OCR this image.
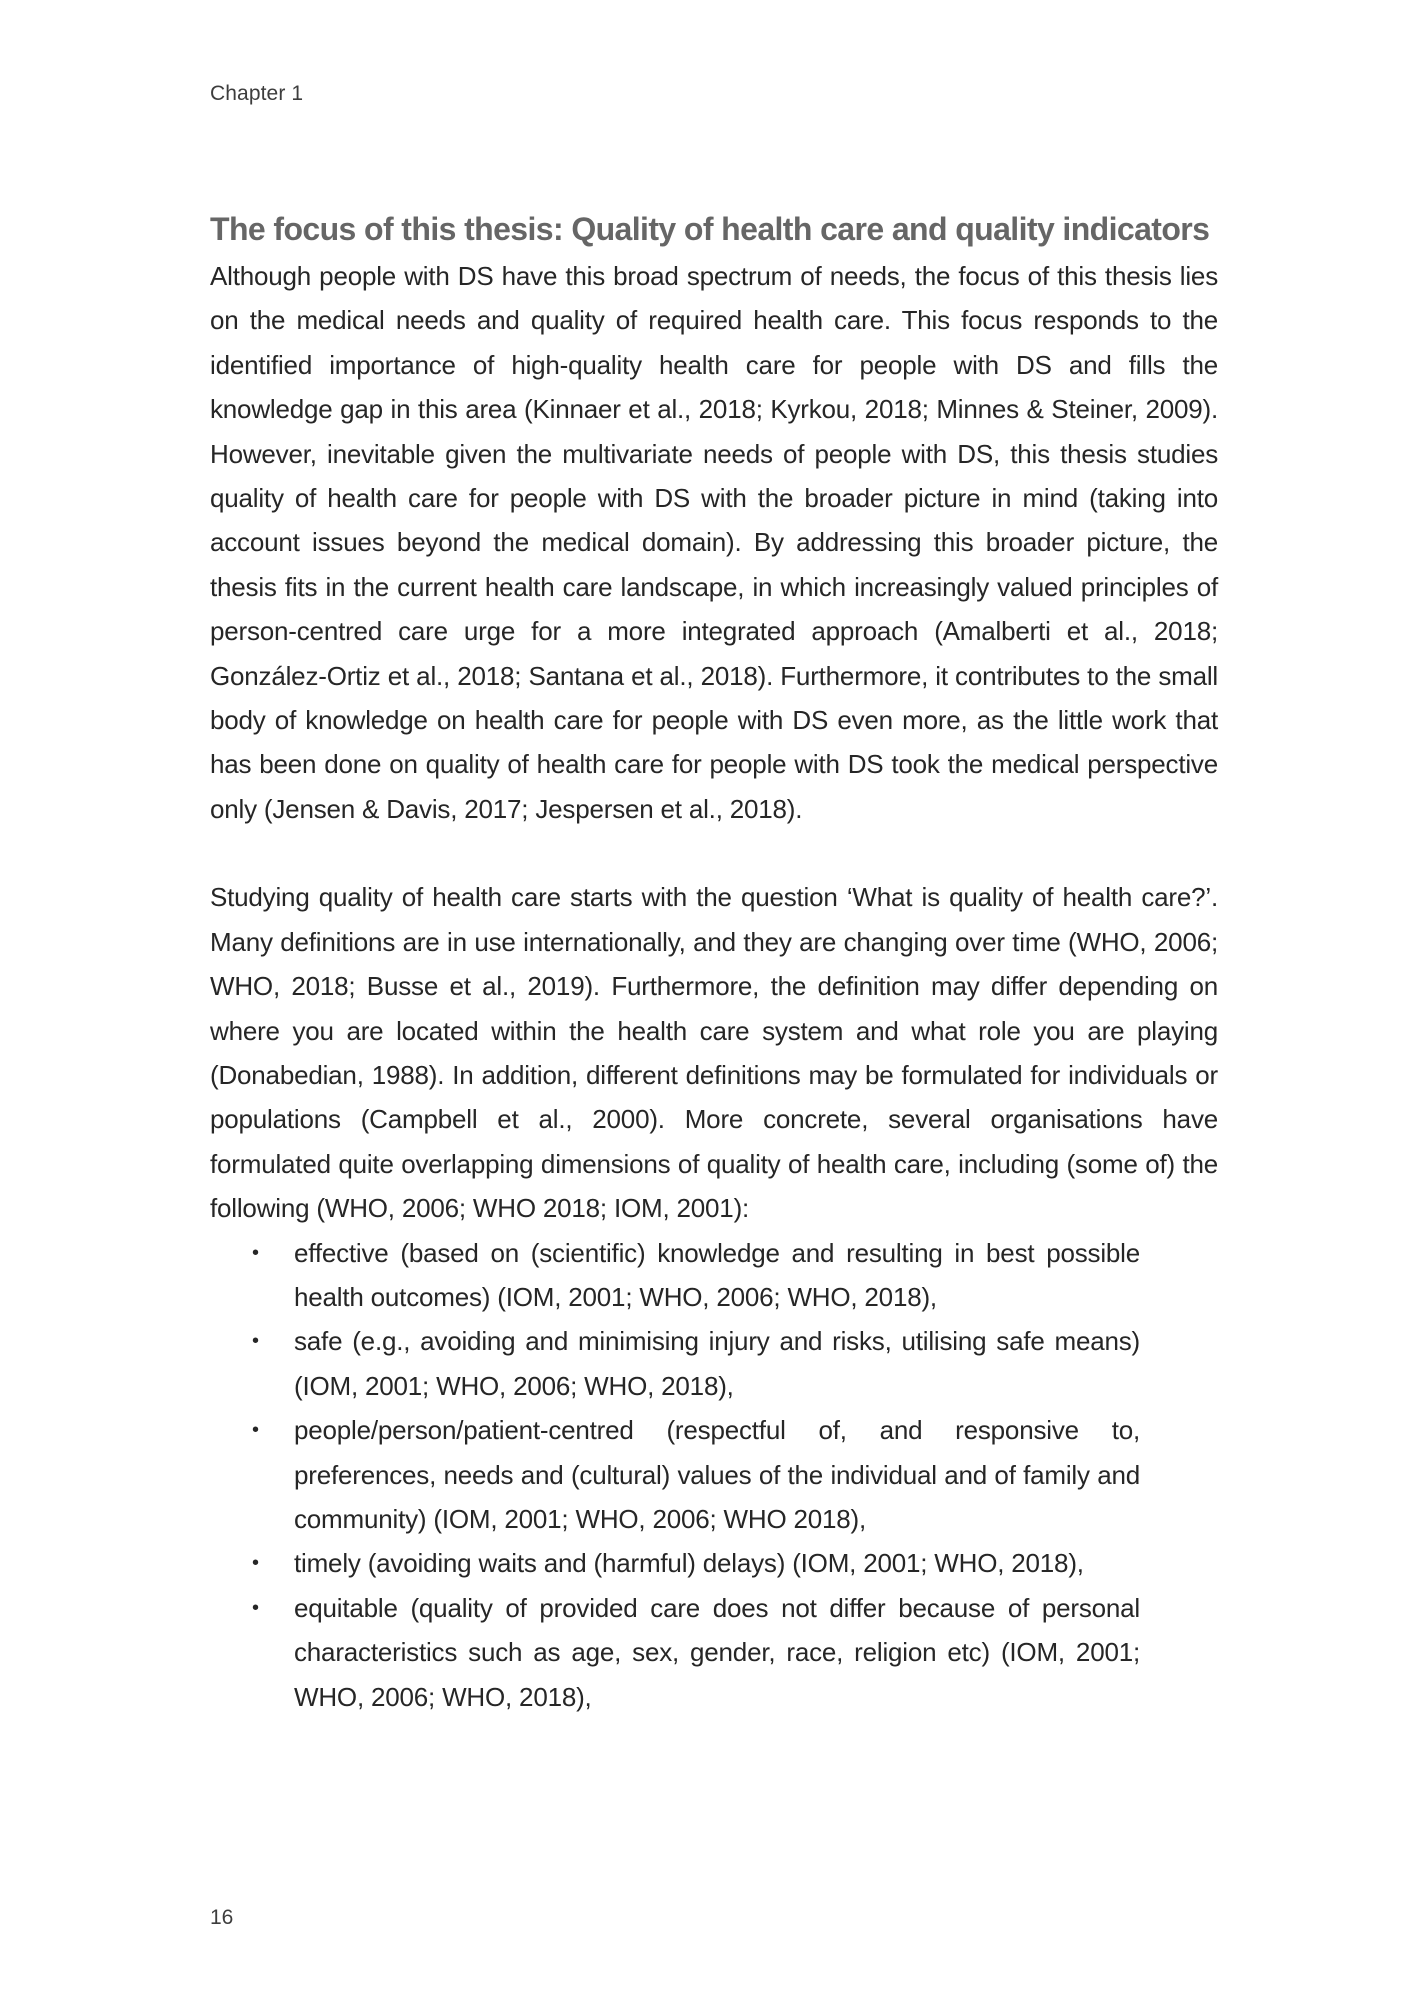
Chapter 1
The focus of this thesis: Quality of health care and quality indicators

Although people with DS have this broad spectrum of needs, the focus of this thesis lies on the medical needs and quality of required health care. This focus responds to the identified importance of high-quality health care for people with DS and fills the knowledge gap in this area (Kinnaer et al., 2018; Kyrkou, 2018; Minnes & Steiner, 2009). However, inevitable given the multivariate needs of people with DS, this thesis studies quality of health care for people with DS with the broader picture in mind (taking into account issues beyond the medical domain). By addressing this broader picture, the thesis fits in the current health care landscape, in which increasingly valued principles of person-centred care urge for a more integrated approach (Amalberti et al., 2018; González-Ortiz et al., 2018; Santana et al., 2018). Furthermore, it contributes to the small body of knowledge on health care for people with DS even more, as the little work that has been done on quality of health care for people with DS took the medical perspective only (Jensen & Davis, 2017; Jespersen et al., 2018).

Studying quality of health care starts with the question ‘What is quality of health care?’. Many definitions are in use internationally, and they are changing over time (WHO, 2006; WHO, 2018; Busse et al., 2019). Furthermore, the definition may differ depending on where you are located within the health care system and what role you are playing (Donabedian, 1988). In addition, different definitions may be formulated for individuals or populations (Campbell et al., 2000). More concrete, several organisations have formulated quite overlapping dimensions of quality of health care, including (some of) the following (WHO, 2006; WHO 2018; IOM, 2001):

• effective (based on (scientific) knowledge and resulting in best possible health outcomes) (IOM, 2001; WHO, 2006; WHO, 2018),
• safe (e.g., avoiding and minimising injury and risks, utilising safe means) (IOM, 2001; WHO, 2006; WHO, 2018),
• people/person/patient-centred (respectful of, and responsive to, preferences, needs and (cultural) values of the individual and of family and community) (IOM, 2001; WHO, 2006; WHO 2018),
• timely (avoiding waits and (harmful) delays) (IOM, 2001; WHO, 2018),
• equitable (quality of provided care does not differ because of personal characteristics such as age, sex, gender, race, religion etc) (IOM, 2001; WHO, 2006; WHO, 2018),
16
